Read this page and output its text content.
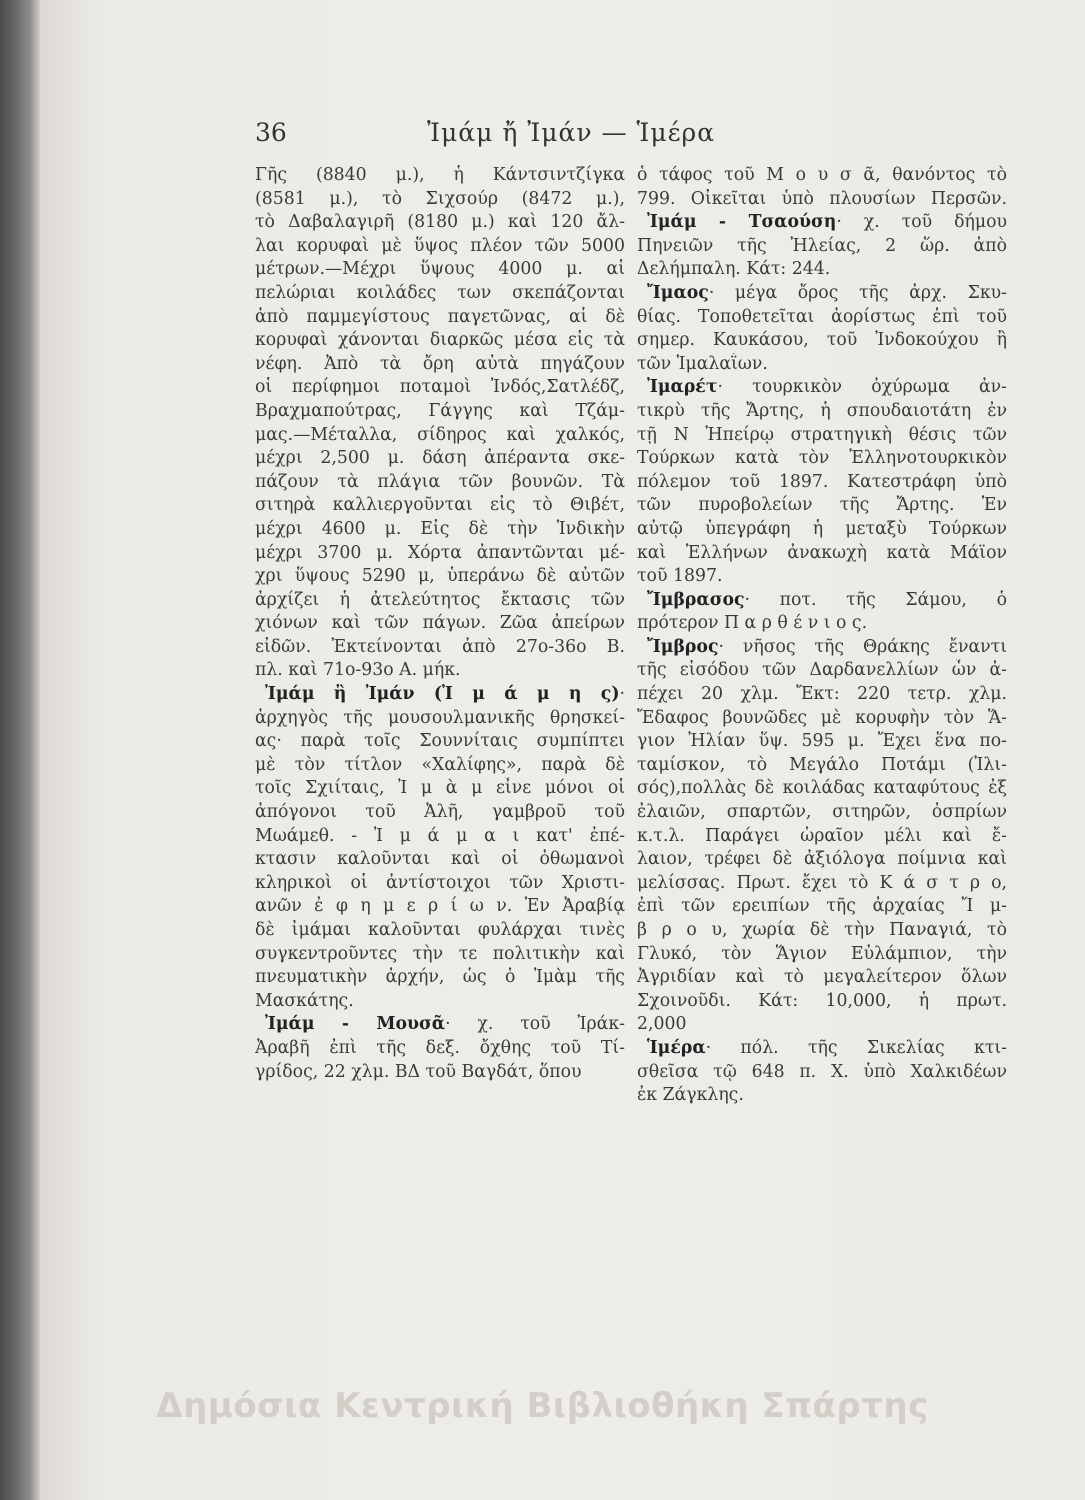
36	Ἰμάμ ἤ Ἰμάν — Ἱμέρα
Γῆς (8840 μ.), ἡ Κάντσιντζίγκα
(8581 μ.), τὸ Σιχσούρ (8472 μ.),
τὸ Δαβαλαγιρῆ (8180 μ.) καὶ 120 ἄλ-
λαι κορυφαὶ μὲ ὕψος πλέον τῶν 5000
μέτρων.—Μέχρι ὕψους 4000 μ. αἱ
πελώριαι κοιλάδες των σκεπάζονται
ἀπὸ παμμεγίστους παγετῶνας, αἱ δὲ
κορυφαὶ χάνονται διαρκῶς μέσα εἰς τὰ
νέφη. Ἀπὸ τὰ ὄρη αὐτὰ πηγάζουν
οἱ περίφημοι ποταμοὶ Ἰνδός,Σατλέδζ,
Βραχμαπούτρας, Γάγγης καὶ Τζάμ-
μας.—Μέταλλα, σίδηρος καὶ χαλκός,
μέχρι 2,500 μ. δάση ἀπέραντα σκε-
πάζουν τὰ πλάγια τῶν βουνῶν. Τὰ
σιτηρὰ καλλιεργοῦνται εἰς τὸ Θιβέτ,
μέχρι 4600 μ. Εἰς δὲ τὴν Ἰνδικὴν
μέχρι 3700 μ. Χόρτα ἀπαντῶνται μέ-
χρι ὕψους 5290 μ, ὑπεράνω δὲ αὐτῶν
ἀρχίζει ἡ ἀτελεύτητος ἔκτασις τῶν
χιόνων καὶ τῶν πάγων. Ζῶα ἀπείρων
εἰδῶν. Ἐκτείνονται ἀπὸ 27ο-36ο Β.
πλ. καὶ 71ο-93ο Α. μήκ.
Ἰμάμ ἢ Ἰμάν (Ἰ μ ά μ η ς)·
ἀρχηγὸς τῆς μουσουλμανικῆς θρησκεί-
ας· παρὰ τοῖς Σουννίταις συμπίπτει
μὲ τὸν τίτλον «Χαλίφης», παρὰ δὲ
τοῖς Σχιίταις, Ἰ μ ὰ μ εἶνε μόνοι οἱ
ἀπόγονοι τοῦ Ἀλῆ, γαμβροῦ τοῦ
Μωάμεθ. - Ἰ μ ά μ α ι κατ' ἐπέ-
κτασιν καλοῦνται καὶ οἱ ὀθωμανοὶ
κληρικοὶ οἱ ἀντίστοιχοι τῶν Χριστι-
ανῶν ἐ φ η μ ε ρ ί ω ν. Ἐν Ἀραβίᾳ
δὲ ἰμάμαι καλοῦνται φυλάρχαι τινὲς
συγκεντροῦντες τὴν τε πολιτικὴν καὶ
πνευματικὴν ἀρχήν, ὡς ὁ Ἰμὰμ τῆς
Μασκάτης.
Ἰμάμ - Μουσᾶ· χ. τοῦ Ἰράκ-
Ἀραβῆ ἐπὶ τῆς δεξ. ὄχθης τοῦ Τί-
γρίδος, 22 χλμ. ΒΔ τοῦ Βαγδάτ, ὅπου
ὁ τάφος τοῦ Μ ο υ σ ᾶ, θανόντος τὸ
799. Οἰκεῖται ὑπὸ πλουσίων Περσῶν.
Ἰμάμ - Τσαούση· χ. τοῦ δήμου
Πηνειῶν τῆς Ἠλείας, 2 ὥρ. ἀπὸ
Δελήμπαλη. Κάτ: 244.
Ἴμαος· μέγα ὄρος τῆς ἀρχ. Σκυ-
θίας. Τοποθετεῖται ἀορίστως ἐπὶ τοῦ
σημερ. Καυκάσου, τοῦ Ἰνδοκούχου ἢ
τῶν Ἱμαλαΐων.
Ἰμαρέτ· τουρκικὸν ὀχύρωμα ἀν-
τικρὺ τῆς Ἄρτης, ἡ σπουδαιοτάτη ἐν
τῇ Ν Ἠπείρῳ στρατηγικὴ θέσις τῶν
Τούρκων κατὰ τὸν Ἑλληνοτουρκικὸν
πόλεμον τοῦ 1897. Κατεστράφη ὑπὸ
τῶν πυροβολείων τῆς Ἄρτης. Ἐν
αὐτῷ ὑπεγράφη ἡ μεταξὺ Τούρκων
καὶ Ἑλλήνων ἀνακωχὴ κατὰ Μάϊον
τοῦ 1897.
Ἴμβρασος· ποτ. τῆς Σάμου, ὁ
πρότερον Π α ρ θ έ ν ι ο ς.
Ἴμβρος· νῆσος τῆς Θράκης ἔναντι
τῆς εἰσόδου τῶν Δαρδανελλίων ὧν ἀ-
πέχει 20 χλμ. Ἔκτ: 220 τετρ. χλμ.
Ἔδαφος βουνῶδες μὲ κορυφὴν τὸν Ἅ-
γιον Ἠλίαν ὕψ. 595 μ. Ἔχει ἕνα πο-
ταμίσκον, τὸ Μεγάλο Ποτάμι (Ἰλι-
σός),πολλὰς δὲ κοιλάδας καταφύτους ἐξ
ἐλαιῶν, σπαρτῶν, σιτηρῶν, ὀσπρίων
κ.τ.λ. Παράγει ὡραῖον μέλι καὶ ἔ-
λαιον, τρέφει δὲ ἀξιόλογα ποίμνια καὶ
μελίσσας. Πρωτ. ἔχει τὸ Κ ά σ τ ρ ο,
ἐπὶ τῶν ερειπίων τῆς ἀρχαίας Ἴ μ-
β ρ ο υ, χωρία δὲ τὴν Παναγιά, τὸ
Γλυκό, τὸν Ἅγιον Εὐλάμπιον, τὴν
Ἀγριδίαν καὶ τὸ μεγαλείτερον ὅλων
Σχοινοῦδι. Κάτ: 10,000, ἡ πρωτ.
2,000
Ἱμέρα· πόλ. τῆς Σικελίας κτι-
σθεῖσα τῷ 648 π. Χ. ὑπὸ Χαλκιδέων
ἐκ Ζάγκλης.
Δημόσια Κεντρική Βιβλιοθήκη Σπάρτης
